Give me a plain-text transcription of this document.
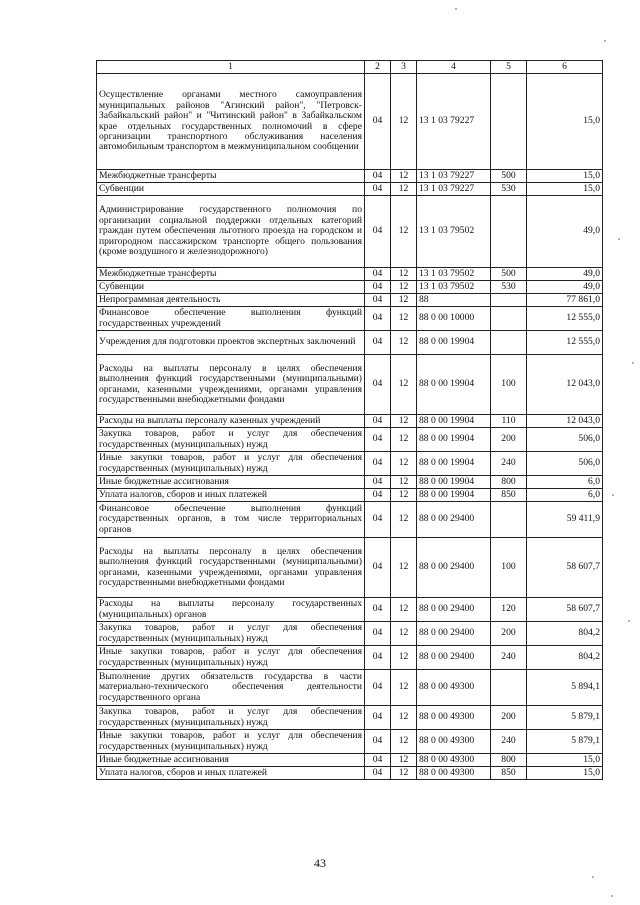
1	2	3	4	5	6
Осуществление органами местного самоуправления муниципальных районов "Агинский район", "Петровск-Забайкальский район" и "Читинский район" в Забайкальском крае отдельных государственных полномочий в сфере организации транспортного обслуживания населения автомобильным транспортом в межмуниципальном сообщении	04	12	13 1 03 79227		15,0
Межбюджетные трансферты	04	12	13 1 03 79227	500	15,0
Субвенции	04	12	13 1 03 79227	530	15,0
Администрирование государственного полномочия по организации социальной поддержки отдельных категорий граждан путем обеспечения льготного проезда на городском и пригородном пассажирском транспорте общего пользования (кроме воздушного и железнодорожного)	04	12	13 1 03 79502		49,0
Межбюджетные трансферты	04	12	13 1 03 79502	500	49,0
Субвенции	04	12	13 1 03 79502	530	49,0
Непрограммная деятельность	04	12	88		77 861,0
Финансовое обеспечение выполнения функций государственных учреждений	04	12	88 0 00 10000		12 555,0
Учреждения для подготовки проектов экспертных заключений	04	12	88 0 00 19904		12 555,0
Расходы на выплаты персоналу в целях обеспечения выполнения функций государственными (муниципальными) органами, казенными учреждениями, органами управления государственными внебюджетными фондами	04	12	88 0 00 19904	100	12 043,0
Расходы на выплаты персоналу казенных учреждений	04	12	88 0 00 19904	110	12 043,0
Закупка товаров, работ и услуг для обеспечения государственных (муниципальных) нужд	04	12	88 0 00 19904	200	506,0
Иные закупки товаров, работ и услуг для обеспечения государственных (муниципальных) нужд	04	12	88 0 00 19904	240	506,0
Иные бюджетные ассигнования	04	12	88 0 00 19904	800	6,0
Уплата налогов, сборов и иных платежей	04	12	88 0 00 19904	850	6,0
Финансовое обеспечение выполнения функций государственных органов, в том числе территориальных органов	04	12	88 0 00 29400		59 411,9
Расходы на выплаты персоналу в целях обеспечения выполнения функций государственными (муниципальными) органами, казенными учреждениями, органами управления государственными внебюджетными фондами	04	12	88 0 00 29400	100	58 607,7
Расходы на выплаты персоналу государственных (муниципальных) органов	04	12	88 0 00 29400	120	58 607,7
Закупка товаров, работ и услуг для обеспечения государственных (муниципальных) нужд	04	12	88 0 00 29400	200	804,2
Иные закупки товаров, работ и услуг для обеспечения государственных (муниципальных) нужд	04	12	88 0 00 29400	240	804,2
Выполнение других обязательств государства в части материально-технического обеспечения деятельности государственного органа	04	12	88 0 00 49300		5 894,1
Закупка товаров, работ и услуг для обеспечения государственных (муниципальных) нужд	04	12	88 0 00 49300	200	5 879,1
Иные закупки товаров, работ и услуг для обеспечения государственных (муниципальных) нужд	04	12	88 0 00 49300	240	5 879,1
Иные бюджетные ассигнования	04	12	88 0 00 49300	800	15,0
Уплата налогов, сборов и иных платежей	04	12	88 0 00 49300	850	15,0
43
